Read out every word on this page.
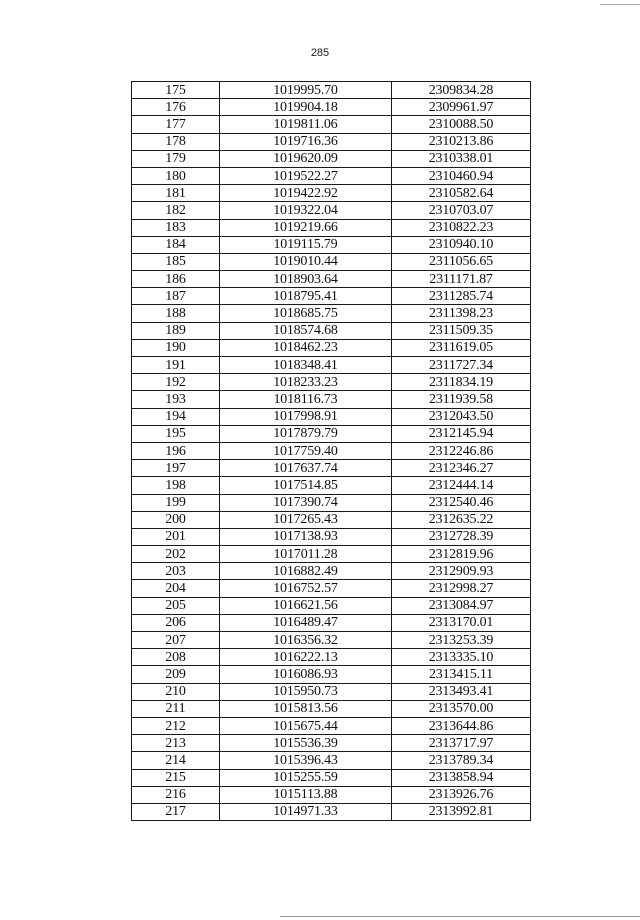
285
175	1019995.70	2309834.28
176	1019904.18	2309961.97
177	1019811.06	2310088.50
178	1019716.36	2310213.86
179	1019620.09	2310338.01
180	1019522.27	2310460.94
181	1019422.92	2310582.64
182	1019322.04	2310703.07
183	1019219.66	2310822.23
184	1019115.79	2310940.10
185	1019010.44	2311056.65
186	1018903.64	2311171.87
187	1018795.41	2311285.74
188	1018685.75	2311398.23
189	1018574.68	2311509.35
190	1018462.23	2311619.05
191	1018348.41	2311727.34
192	1018233.23	2311834.19
193	1018116.73	2311939.58
194	1017998.91	2312043.50
195	1017879.79	2312145.94
196	1017759.40	2312246.86
197	1017637.74	2312346.27
198	1017514.85	2312444.14
199	1017390.74	2312540.46
200	1017265.43	2312635.22
201	1017138.93	2312728.39
202	1017011.28	2312819.96
203	1016882.49	2312909.93
204	1016752.57	2312998.27
205	1016621.56	2313084.97
206	1016489.47	2313170.01
207	1016356.32	2313253.39
208	1016222.13	2313335.10
209	1016086.93	2313415.11
210	1015950.73	2313493.41
211	1015813.56	2313570.00
212	1015675.44	2313644.86
213	1015536.39	2313717.97
214	1015396.43	2313789.34
215	1015255.59	2313858.94
216	1015113.88	2313926.76
217	1014971.33	2313992.81
